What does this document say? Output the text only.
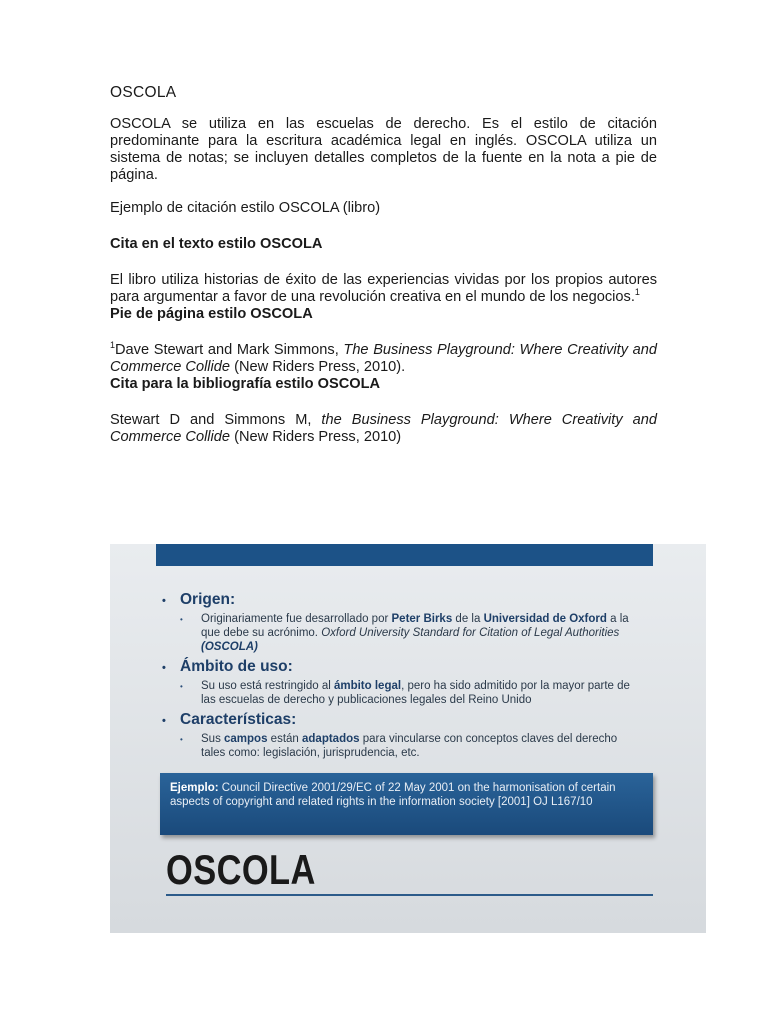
OSCOLA

OSCOLA se utiliza en las escuelas de derecho. Es el estilo de citación predominante para la escritura académica legal en inglés. OSCOLA utiliza un sistema de notas; se incluyen detalles completos de la fuente en la nota a pie de página.

Ejemplo de citación estilo OSCOLA (libro)

Cita en el texto estilo OSCOLA

El libro utiliza historias de éxito de las experiencias vividas por los propios autores para argumentar a favor de una revolución creativa en el mundo de los negocios.$^1$

Pie de página estilo OSCOLA

$^1$Dave Stewart and Mark Simmons, The Business Playground: Where Creativity and Commerce Collide (New Riders Press, 2010).

Cita para la bibliografía estilo OSCOLA

Stewart D and Simmons M, the Business Playground: Where Creativity and Commerce Collide (New Riders Press, 2010)

• Origen:
•	Originariamente fue desarrollado por Peter Birks de la Universidad de Oxford a la que debe su acrónimo. Oxford University Standard for Citation of Legal Authorities (OSCOLA)
• Ámbito de uso:
•	Su uso está restringido al ámbito legal, pero ha sido admitido por la mayor parte de las escuelas de derecho y publicaciones legales del Reino Unido
• Características:
•	Sus campos están adaptados para vincularse con conceptos claves del derecho tales como: legislación, jurisprudencia, etc.
Ejemplo: Council Directive 2001/29/EC of 22 May 2001 on the harmonisation of certain aspects of copyright and related rights in the information society [2001] OJ L167/10
OSCOLA
